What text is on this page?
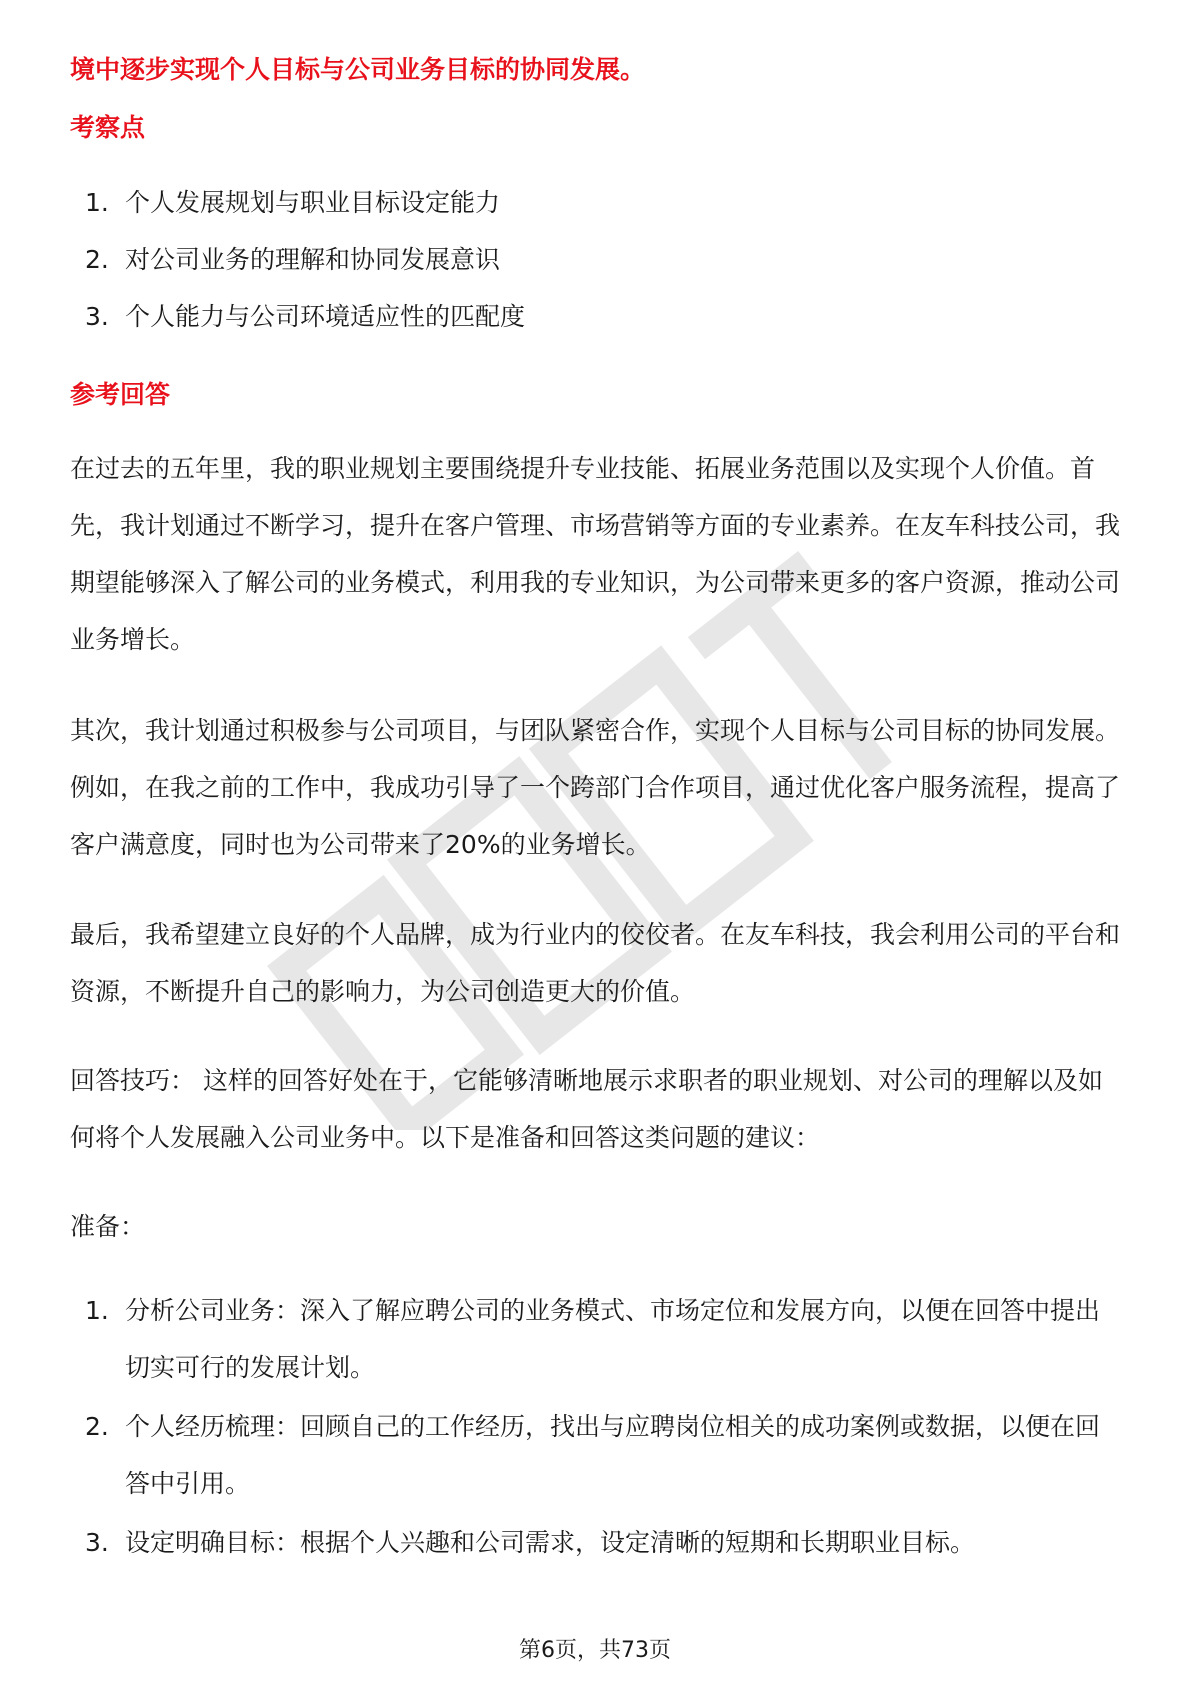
境中逐步实现个人目标与公司业务目标的协同发展。
考察点
1. 个人发展规划与职业目标设定能力
2. 对公司业务的理解和协同发展意识
3. 个人能力与公司环境适应性的匹配度
参考回答

在过去的五年里，我的职业规划主要围绕提升专业技能、拓展业务范围以及实现个人价值。首先，我计划通过不断学习，提升在客户管理、市场营销等方面的专业素养。在友车科技公司，我期望能够深入了解公司的业务模式，利用我的专业知识，为公司带来更多的客户资源，推动公司业务增长。

其次，我计划通过积极参与公司项目，与团队紧密合作，实现个人目标与公司目标的协同发展。例如，在我之前的工作中，我成功引导了一个跨部门合作项目，通过优化客户服务流程，提高了客户满意度，同时也为公司带来了20%的业务增长。

最后，我希望建立良好的个人品牌，成为行业内的佼佼者。在友车科技，我会利用公司的平台和资源，不断提升自己的影响力，为公司创造更大的价值。

回答技巧： 这样的回答好处在于，它能够清晰地展示求职者的职业规划、对公司的理解以及如何将个人发展融入公司业务中。以下是准备和回答这类问题的建议：

准备：

1. 分析公司业务：深入了解应聘公司的业务模式、市场定位和发展方向，以便在回答中提出切实可行的发展计划。
2. 个人经历梳理：回顾自己的工作经历，找出与应聘岗位相关的成功案例或数据，以便在回答中引用。
3. 设定明确目标：根据个人兴趣和公司需求，设定清晰的短期和长期职业目标。
第6页，共73页
